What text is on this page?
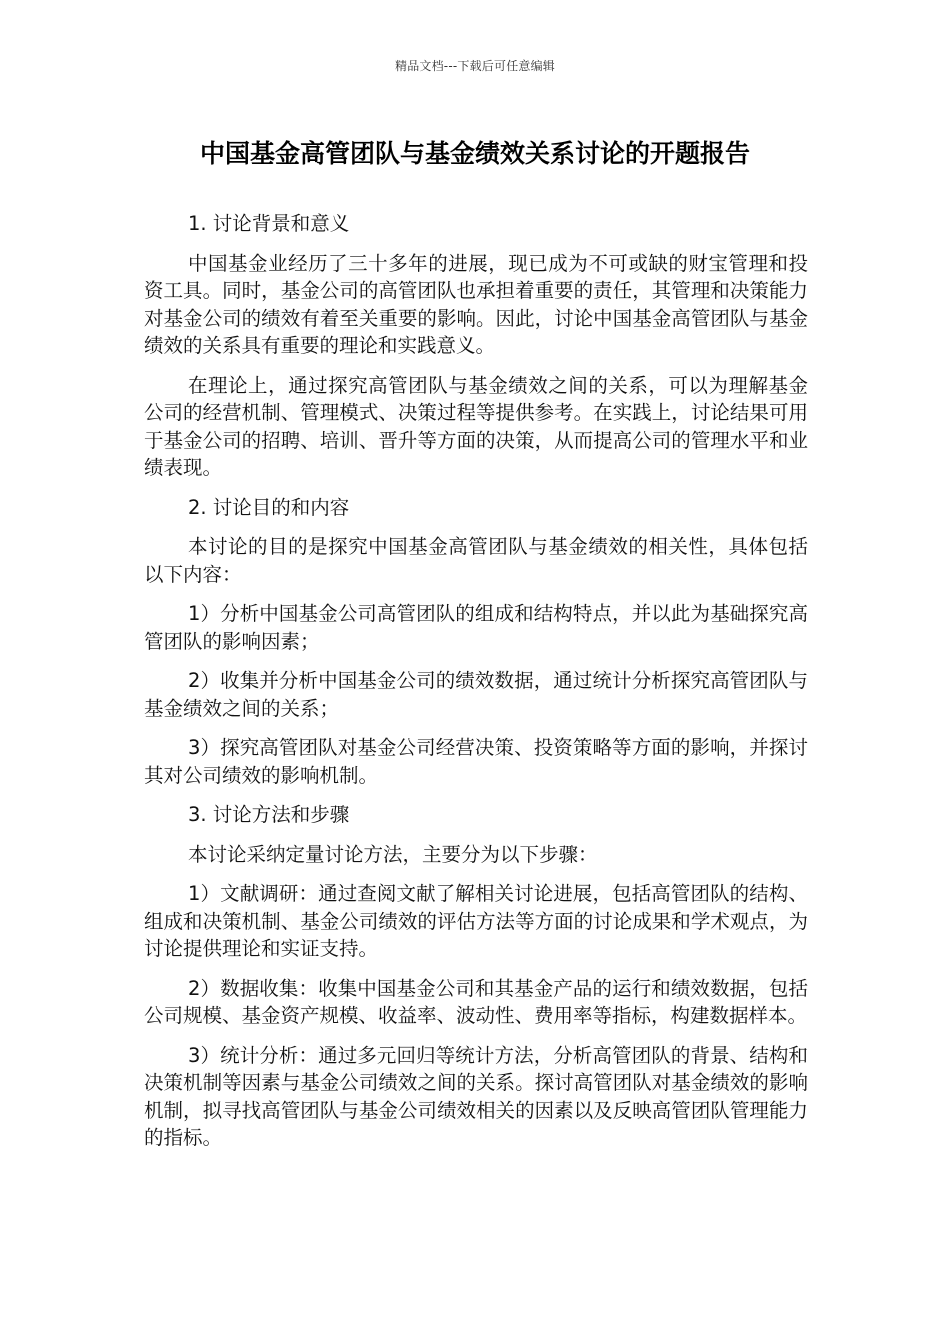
精品文档---下载后可任意编辑
中国基金高管团队与基金绩效关系讨论的开题报告

1. 讨论背景和意义

中国基金业经历了三十多年的进展，现已成为不可或缺的财宝管理和投资工具。同时，基金公司的高管团队也承担着重要的责任，其管理和决策能力对基金公司的绩效有着至关重要的影响。因此，讨论中国基金高管团队与基金绩效的关系具有重要的理论和实践意义。

在理论上，通过探究高管团队与基金绩效之间的关系，可以为理解基金公司的经营机制、管理模式、决策过程等提供参考。在实践上，讨论结果可用于基金公司的招聘、培训、晋升等方面的决策，从而提高公司的管理水平和业绩表现。

2. 讨论目的和内容

本讨论的目的是探究中国基金高管团队与基金绩效的相关性，具体包括以下内容：

1）分析中国基金公司高管团队的组成和结构特点，并以此为基础探究高管团队的影响因素；

2）收集并分析中国基金公司的绩效数据，通过统计分析探究高管团队与基金绩效之间的关系；

3）探究高管团队对基金公司经营决策、投资策略等方面的影响，并探讨其对公司绩效的影响机制。

3. 讨论方法和步骤

本讨论采纳定量讨论方法，主要分为以下步骤：

1）文献调研：通过查阅文献了解相关讨论进展，包括高管团队的结构、组成和决策机制、基金公司绩效的评估方法等方面的讨论成果和学术观点，为讨论提供理论和实证支持。

2）数据收集：收集中国基金公司和其基金产品的运行和绩效数据，包括公司规模、基金资产规模、收益率、波动性、费用率等指标，构建数据样本。

3）统计分析：通过多元回归等统计方法，分析高管团队的背景、结构和决策机制等因素与基金公司绩效之间的关系。探讨高管团队对基金绩效的影响机制，拟寻找高管团队与基金公司绩效相关的因素以及反映高管团队管理能力的指标。
